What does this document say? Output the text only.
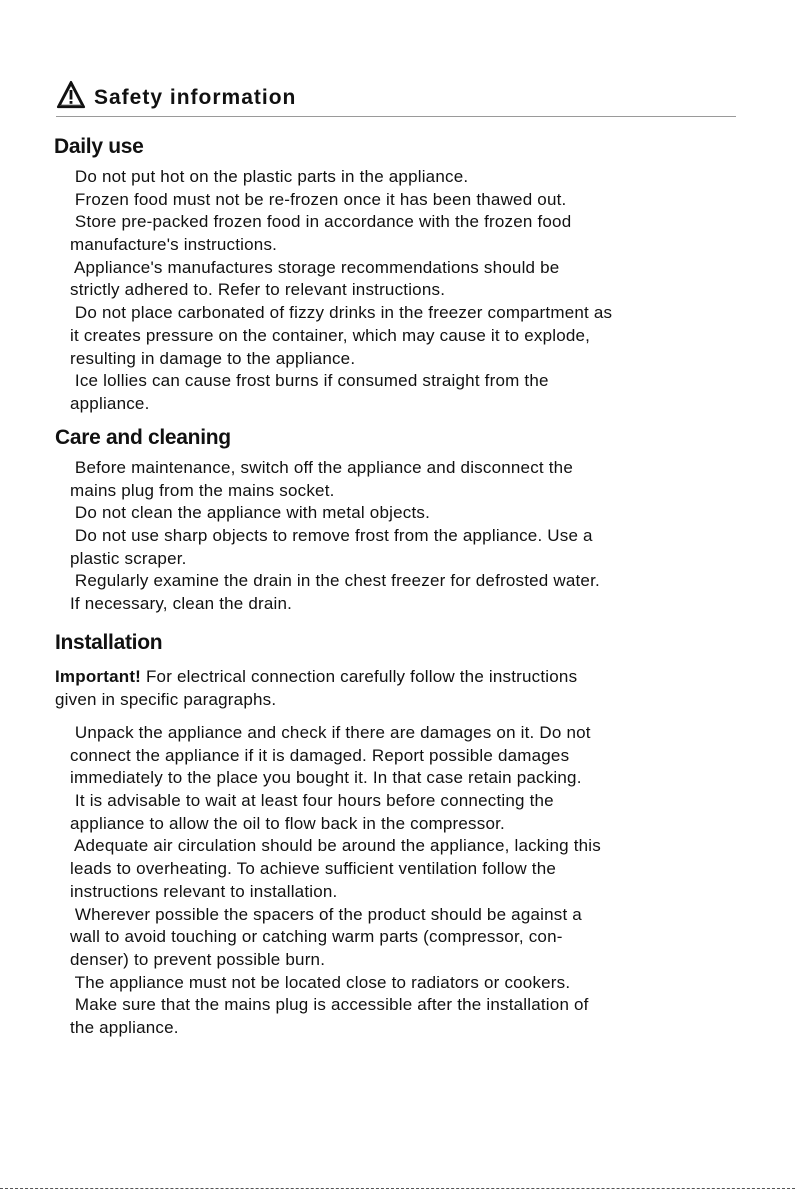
Safety information
Daily use
Do not put hot on the plastic parts in the appliance.
Frozen food must not be re-frozen once it has been thawed out.
Store pre-packed frozen food in accordance with the frozen food
manufacture's instructions.
Appliance's manufactures storage recommendations should be
strictly adhered to. Refer to relevant instructions.
Do not place carbonated of fizzy drinks in the freezer compartment as
it creates pressure on the container, which may cause it to explode,
resulting in damage to the appliance.
Ice lollies can cause frost burns if consumed straight from the
appliance.
Care and cleaning
Before maintenance, switch off the appliance and disconnect the
mains plug from the mains socket.
Do not clean the appliance with metal objects.
Do not use sharp objects to remove frost from the appliance. Use a
plastic scraper.
Regularly examine the drain in the chest freezer for defrosted water.
If necessary, clean the drain.
Installation
Important! For electrical connection carefully follow the instructions
given in specific paragraphs.
Unpack the appliance and check if there are damages on it. Do not
connect the appliance if it is damaged. Report possible damages
immediately to the place you bought it. In that case retain packing.
It is advisable to wait at least four hours before connecting the
appliance to allow the oil to flow back in the compressor.
Adequate air circulation should be around the appliance, lacking this
leads to overheating. To achieve sufficient ventilation follow the
instructions relevant to installation.
Wherever possible the spacers of the product should be against a
wall to avoid touching or catching warm parts (compressor, con-
denser) to prevent possible burn.
The appliance must not be located close to radiators or cookers.
Make sure that the mains plug is accessible after the installation of
the appliance.
